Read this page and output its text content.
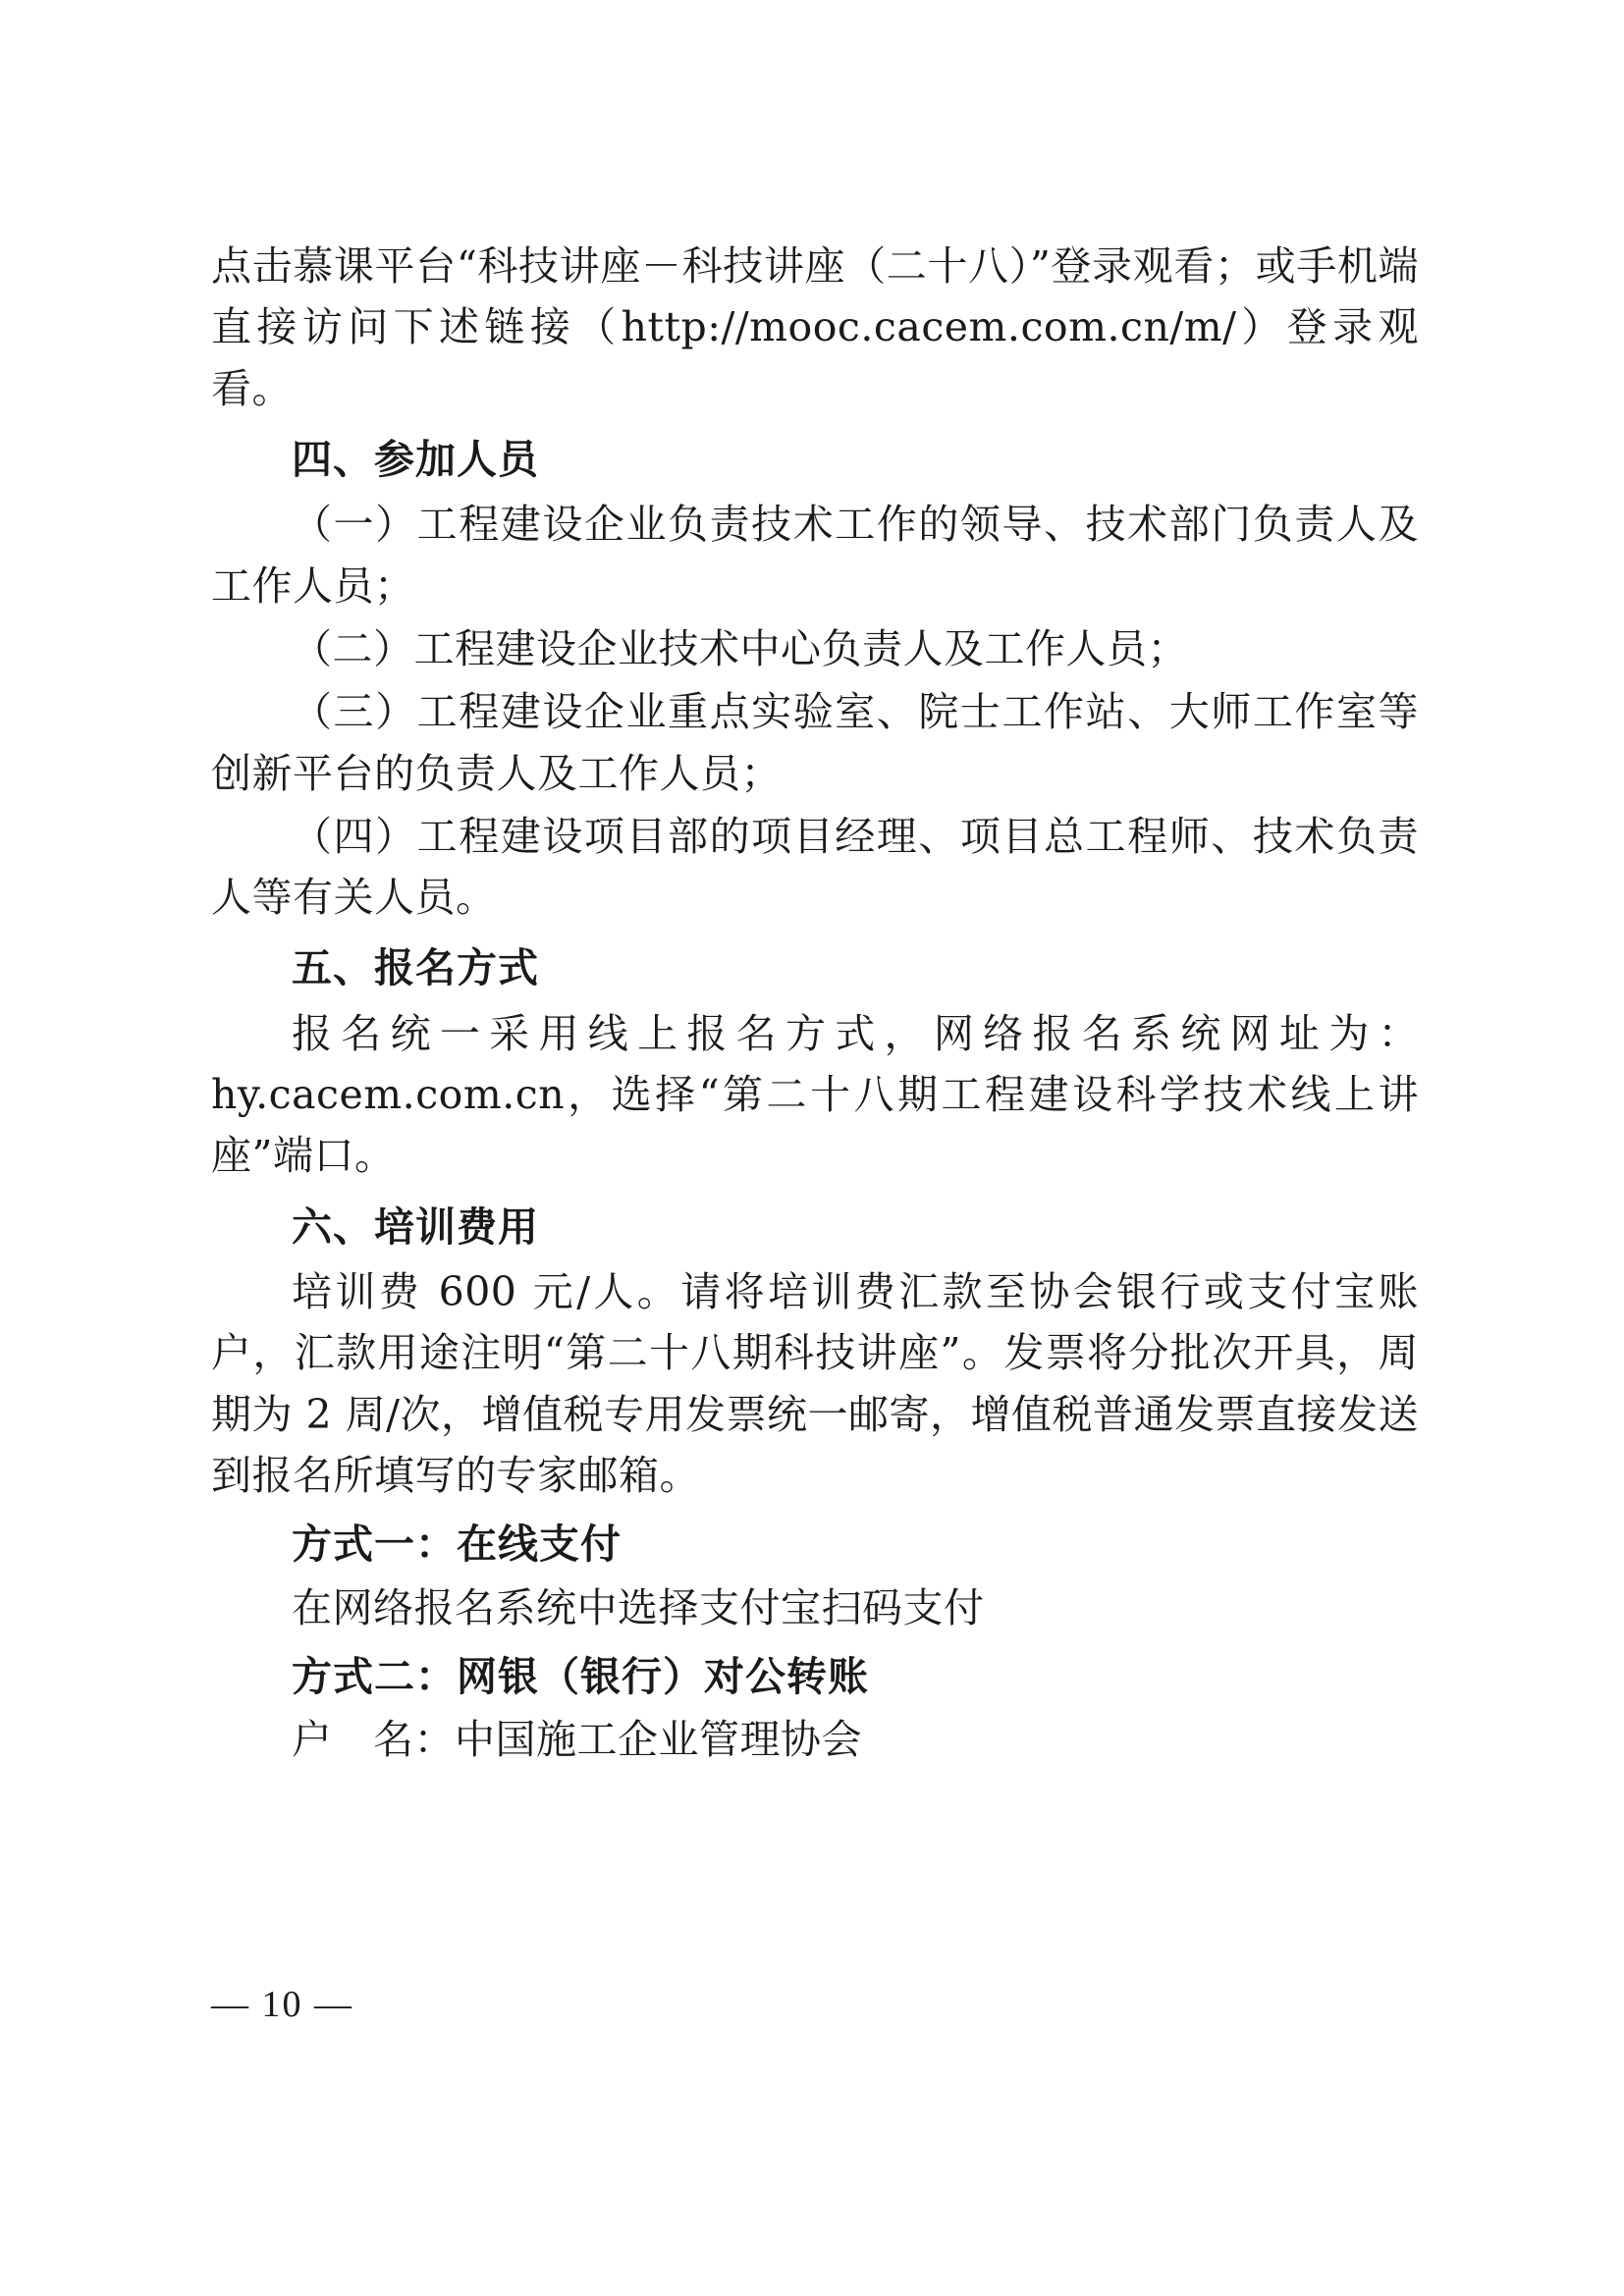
点击慕课平台“科技讲座－科技讲座（二十八）”登录观看；或手机端直接访问下述链接（http://mooc.cacem.com.cn/m/）登录观看。

四、参加人员

（一）工程建设企业负责技术工作的领导、技术部门负责人及工作人员；

（二）工程建设企业技术中心负责人及工作人员；

（三）工程建设企业重点实验室、院士工作站、大师工作室等创新平台的负责人及工作人员；

（四）工程建设项目部的项目经理、项目总工程师、技术负责人等有关人员。

五、报名方式

报名统一采用线上报名方式，网络报名系统网址为：hy.cacem.com.cn，选择“第二十八期工程建设科学技术线上讲座”端口。

六、培训费用

培训费 600 元/人。请将培训费汇款至协会银行或支付宝账户，汇款用途注明“第二十八期科技讲座”。发票将分批次开具，周期为 2 周/次，增值税专用发票统一邮寄，增值税普通发票直接发送到报名所填写的专家邮箱。

方式一：在线支付

在网络报名系统中选择支付宝扫码支付

方式二：网银（银行）对公转账

户　名：中国施工企业管理协会

— 10 —
